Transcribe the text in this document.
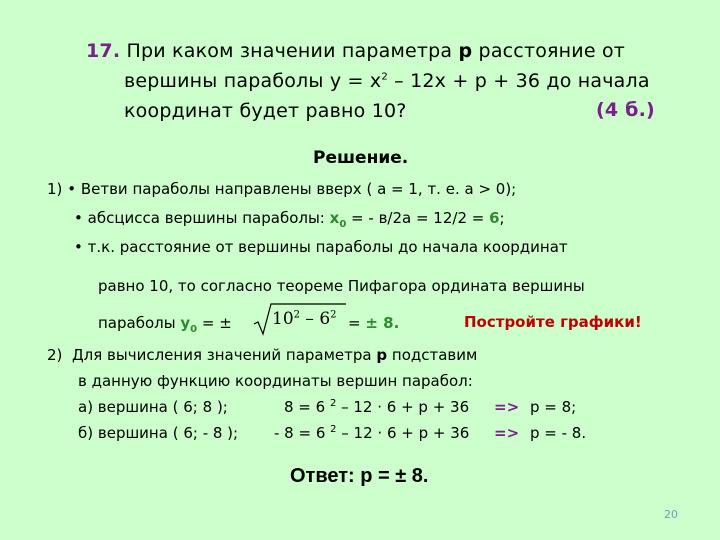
17. При каком значении параметра р расстояние от
вершины параболы $y = x^2 - 12x + p + 36$ до начала
координат будет равно 10?	(4 б.)
Решение.
1) • Ветви параболы направлены вверх ( а = 1, т. е. а > 0);
• абсцисса вершины параболы: $x_0$ = - в/2а = 12/2 = 6;
• т.к. расстояние от вершины параболы до начала координат
равно 10, то согласно теореме Пифагора ордината вершины
параболы $y_0$ = ± $10^2 - 6^2$ = ± 8.	Постройте графики!
2) Для вычисления значений параметра р подставим
в данную функцию координаты вершин парабол:
а) вершина ( 6; 8 );	8 = 6 $^2$ – 12 · 6 + р + 36 => р = 8;
б) вершина ( 6; - 8 ); - 8 = 6 $^2$ – 12 · 6 + р + 36 => р = - 8.
Ответ: р = ± 8.
20
